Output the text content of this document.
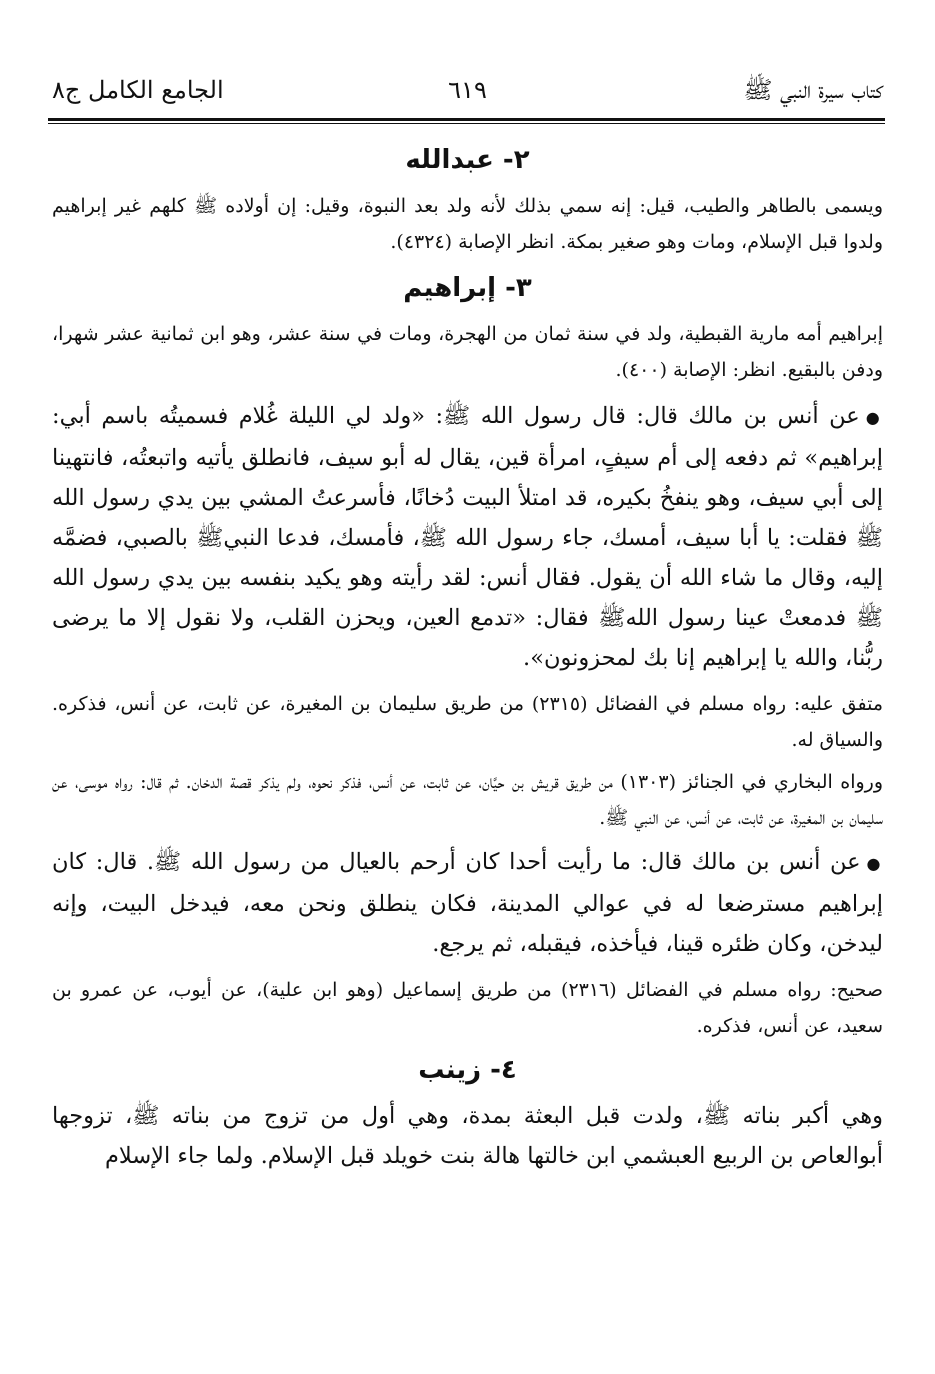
كتاب سيرة النبي ﷺ
٦١٩
الجامع الكامل ج٨
٢- عبدالله

ويسمى بالطاهر والطيب، قيل: إنه سمي بذلك لأنه ولد بعد النبوة، وقيل: إن أولاده ﷺ كلهم غير إبراهيم ولدوا قبل الإسلام، ومات وهو صغير بمكة. انظر الإصابة (٤٣٢٤).

٣- إبراهيم

إبراهيم أمه مارية القبطية، ولد في سنة ثمان من الهجرة، ومات في سنة عشر، وهو ابن ثمانية عشر شهرا، ودفن بالبقيع. انظر: الإصابة (٤٠٠).

●عن أنس بن مالك قال: قال رسول الله ﷺ: «ولد لي الليلة غُلام فسميتُه باسم أبي: إبراهيم» ثم دفعه إلى أم سيفٍ، امرأة قين، يقال له أبو سيف، فانطلق يأتيه واتبعتُه، فانتهينا إلى أبي سيف، وهو ينفخُ بكيره، قد امتلأ البيت دُخانًا، فأسرعتُ المشي بين يدي رسول الله ﷺ فقلت: يا أبا سيف، أمسك، جاء رسول الله ﷺ، فأمسك، فدعا النبيﷺ بالصبي، فضمَّه إليه، وقال ما شاء الله أن يقول. فقال أنس: لقد رأيته وهو يكيد بنفسه بين يدي رسول الله ﷺ فدمعتْ عينا رسول اللهﷺ فقال: «تدمع العين، ويحزن القلب، ولا نقول إلا ما يرضى ربُّنا، والله يا إبراهيم إنا بك لمحزونون».

متفق عليه: رواه مسلم في الفضائل (٢٣١٥) من طريق سليمان بن المغيرة، عن ثابت، عن أنس، فذكره. والسياق له.

ورواه البخاري في الجنائز (١٣٠٣) من طريق قريش بن حيَّان، عن ثابت، عن أنس، فذكر نحوه، ولم يذكر قصة الدخان. ثم قال: رواه موسى، عن سليمان بن المغيرة، عن ثابت، عن أنس، عن النبي ﷺ.

●عن أنس بن مالك قال: ما رأيت أحدا كان أرحم بالعيال من رسول الله ﷺ. قال: كان إبراهيم مسترضعا له في عوالي المدينة، فكان ينطلق ونحن معه، فيدخل البيت، وإنه ليدخن، وكان ظئره قينا، فيأخذه، فيقبله، ثم يرجع.

صحيح: رواه مسلم في الفضائل (٢٣١٦) من طريق إسماعيل (وهو ابن علية)، عن أيوب، عن عمرو بن سعيد، عن أنس، فذكره.

٤- زينب

وهي أكبر بناته ﷺ، ولدت قبل البعثة بمدة، وهي أول من تزوج من بناته ﷺ، تزوجها أبوالعاص بن الربيع العبشمي ابن خالتها هالة بنت خويلد قبل الإسلام. ولما جاء الإسلام
